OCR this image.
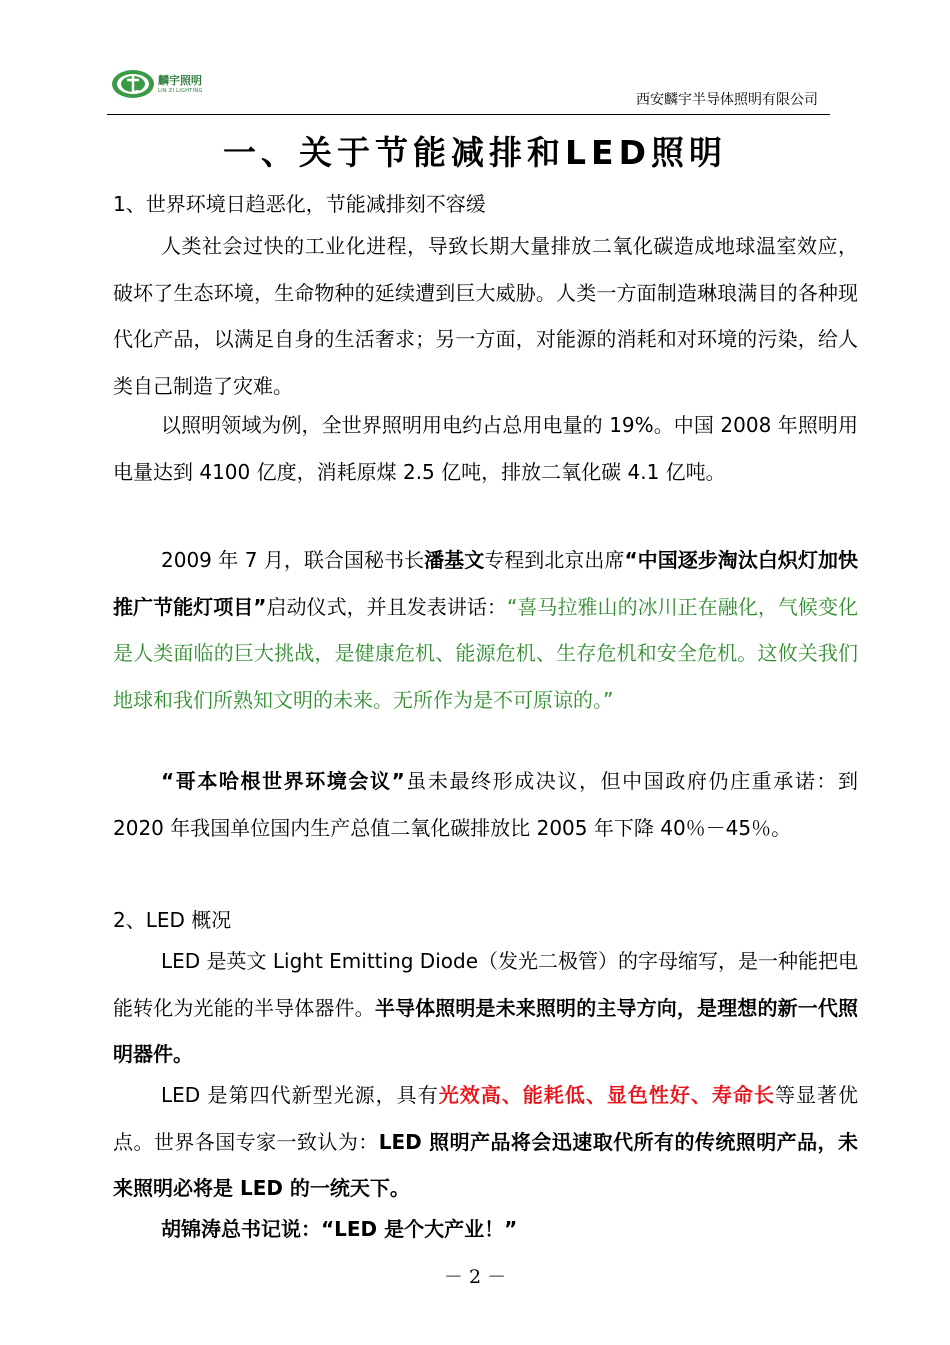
麟宇照明
LIN ZI LIGHTING
西安麟宇半导体照明有限公司
一、关于节能减排和LED照明
1、世界环境日趋恶化，节能减排刻不容缓

人类社会过快的工业化进程，导致长期大量排放二氧化碳造成地球温室效应，破坏了生态环境，生命物种的延续遭到巨大威胁。人类一方面制造琳琅满目的各种现代化产品，以满足自身的生活奢求；另一方面，对能源的消耗和对环境的污染，给人类自己制造了灾难。

以照明领域为例，全世界照明用电约占总用电量的 19%。中国 2008 年照明用电量达到 4100 亿度，消耗原煤 2.5 亿吨，排放二氧化碳 4.1 亿吨。

2009 年 7 月，联合国秘书长潘基文专程到北京出席“中国逐步淘汰白炽灯加快推广节能灯项目”启动仪式，并且发表讲话：“喜马拉雅山的冰川正在融化，气候变化是人类面临的巨大挑战，是健康危机、能源危机、生存危机和安全危机。这攸关我们地球和我们所熟知文明的未来。无所作为是不可原谅的。”

“哥本哈根世界环境会议”虽未最终形成决议，但中国政府仍庄重承诺：到 2020 年我国单位国内生产总值二氧化碳排放比 2005 年下降 40％－45％。

2、LED 概况

LED 是英文 Light Emitting Diode（发光二极管）的字母缩写，是一种能把电能转化为光能的半导体器件。半导体照明是未来照明的主导方向，是理想的新一代照明器件。

LED 是第四代新型光源，具有光效高、能耗低、显色性好、寿命长等显著优点。世界各国专家一致认为：LED 照明产品将会迅速取代所有的传统照明产品，未来照明必将是 LED 的一统天下。

胡锦涛总书记说：“LED 是个大产业！”

－ 2 －
